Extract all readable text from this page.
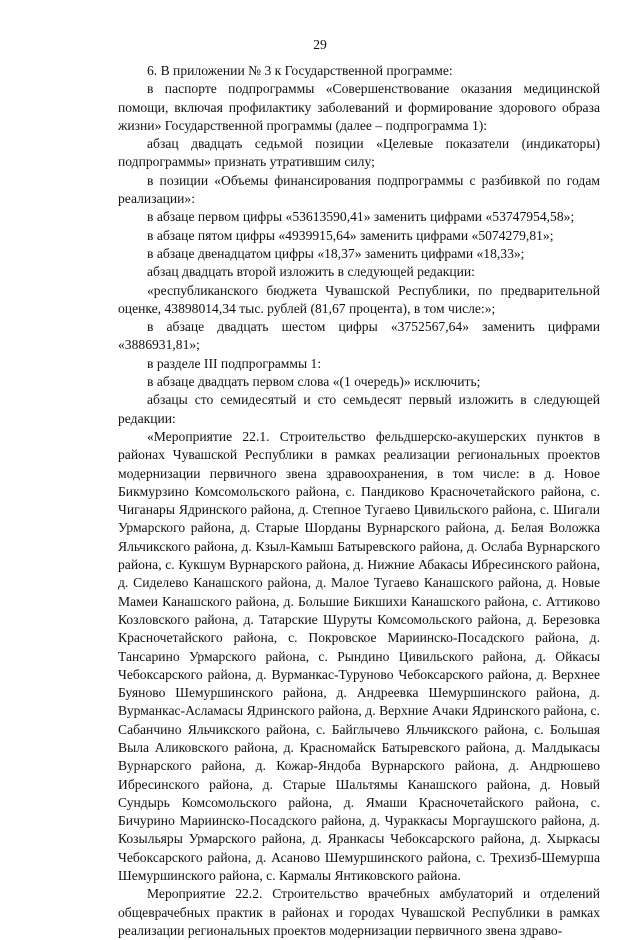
29

6. В приложении № 3 к Государственной программе:

в паспорте подпрограммы «Совершенствование оказания медицинской помощи, включая профилактику заболеваний и формирование здорового образа жизни» Государственной программы (далее – подпрограмма 1):

абзац двадцать седьмой позиции «Целевые показатели (индикаторы) подпрограммы» признать утратившим силу;

в позиции «Объемы финансирования подпрограммы с разбивкой по годам реализации»:

в абзаце первом цифры «53613590,41» заменить цифрами «53747954,58»;

в абзаце пятом цифры «4939915,64» заменить цифрами «5074279,81»;

в абзаце двенадцатом цифры «18,37» заменить цифрами «18,33»;

абзац двадцать второй изложить в следующей редакции:

«республиканского бюджета Чувашской Республики, по предварительной оценке, 43898014,34 тыс. рублей (81,67 процента), в том числе:»;

в абзаце двадцать шестом цифры «3752567,64» заменить цифрами «3886931,81»;

в разделе III подпрограммы 1:

в абзаце двадцать первом слова «(1 очередь)» исключить;

абзацы сто семидесятый и сто семьдесят первый изложить в следующей редакции:

«Мероприятие 22.1. Строительство фельдшерско-акушерских пунктов в районах Чувашской Республики в рамках реализации региональных проектов модернизации первичного звена здравоохранения, в том числе: в д. Новое Бикмурзино Комсомольского района, с. Пандиково Красночетайского района, с. Чиганары Ядринского района, д. Степное Тугаево Цивильского района, с. Шигали Урмарского района, д. Старые Шорданы Вурнарского района, д. Белая Воложка Яльчикского района, д. Кзыл-Камыш Батыревского района, д. Ослаба Вурнарского района, с. Кукшум Вурнарского района, д. Нижние Абакасы Ибресинского района, д. Сиделево Канашского района, д. Малое Тугаево Канашского района, д. Новые Мамеи Канашского района, д. Большие Бикшихи Канашского района, с. Аттиково Козловского района, д. Татарские Шуруты Комсомольского района, д. Березовка Красночетайского района, с. Покровское Мариинско-Посадского района, д. Тансарино Урмарского района, с. Рындино Цивильского района, д. Ойкасы Чебоксарского района, д. Вурманкас-Туруново Чебоксарского района, д. Верхнее Буяново Шемуршинского района, д. Андреевка Шемуршинского района, д. Вурманкас-Асламасы Ядринского района, д. Верхние Ачаки Ядринского района, с. Сабанчино Яльчикского района, с. Байглычево Яльчикского района, с. Большая Выла Аликовского района, д. Красномайск Батыревского района, д. Малдыкасы Вурнарского района, д. Кожар-Яндоба Вурнарского района, д. Андрюшево Ибресинского района, д. Старые Шальтямы Канашского района, д. Новый Сундырь Комсомольского района, д. Ямаши Красночетайского района, с. Бичурино Мариинско-Посадского района, д. Чураккасы Моргаушского района, д. Козыльяры Урмарского района, д. Яранкасы Чебоксарского района, д. Хыркасы Чебоксарского района, д. Асаново Шемуршинского района, с. Трехизб-Шемурша Шемуршинского района, с. Кармалы Янтиковского района.

Мероприятие 22.2. Строительство врачебных амбулаторий и отделений общеврачебных практик в районах и городах Чувашской Республики в рамках реализации региональных проектов модернизации первичного звена здраво-
